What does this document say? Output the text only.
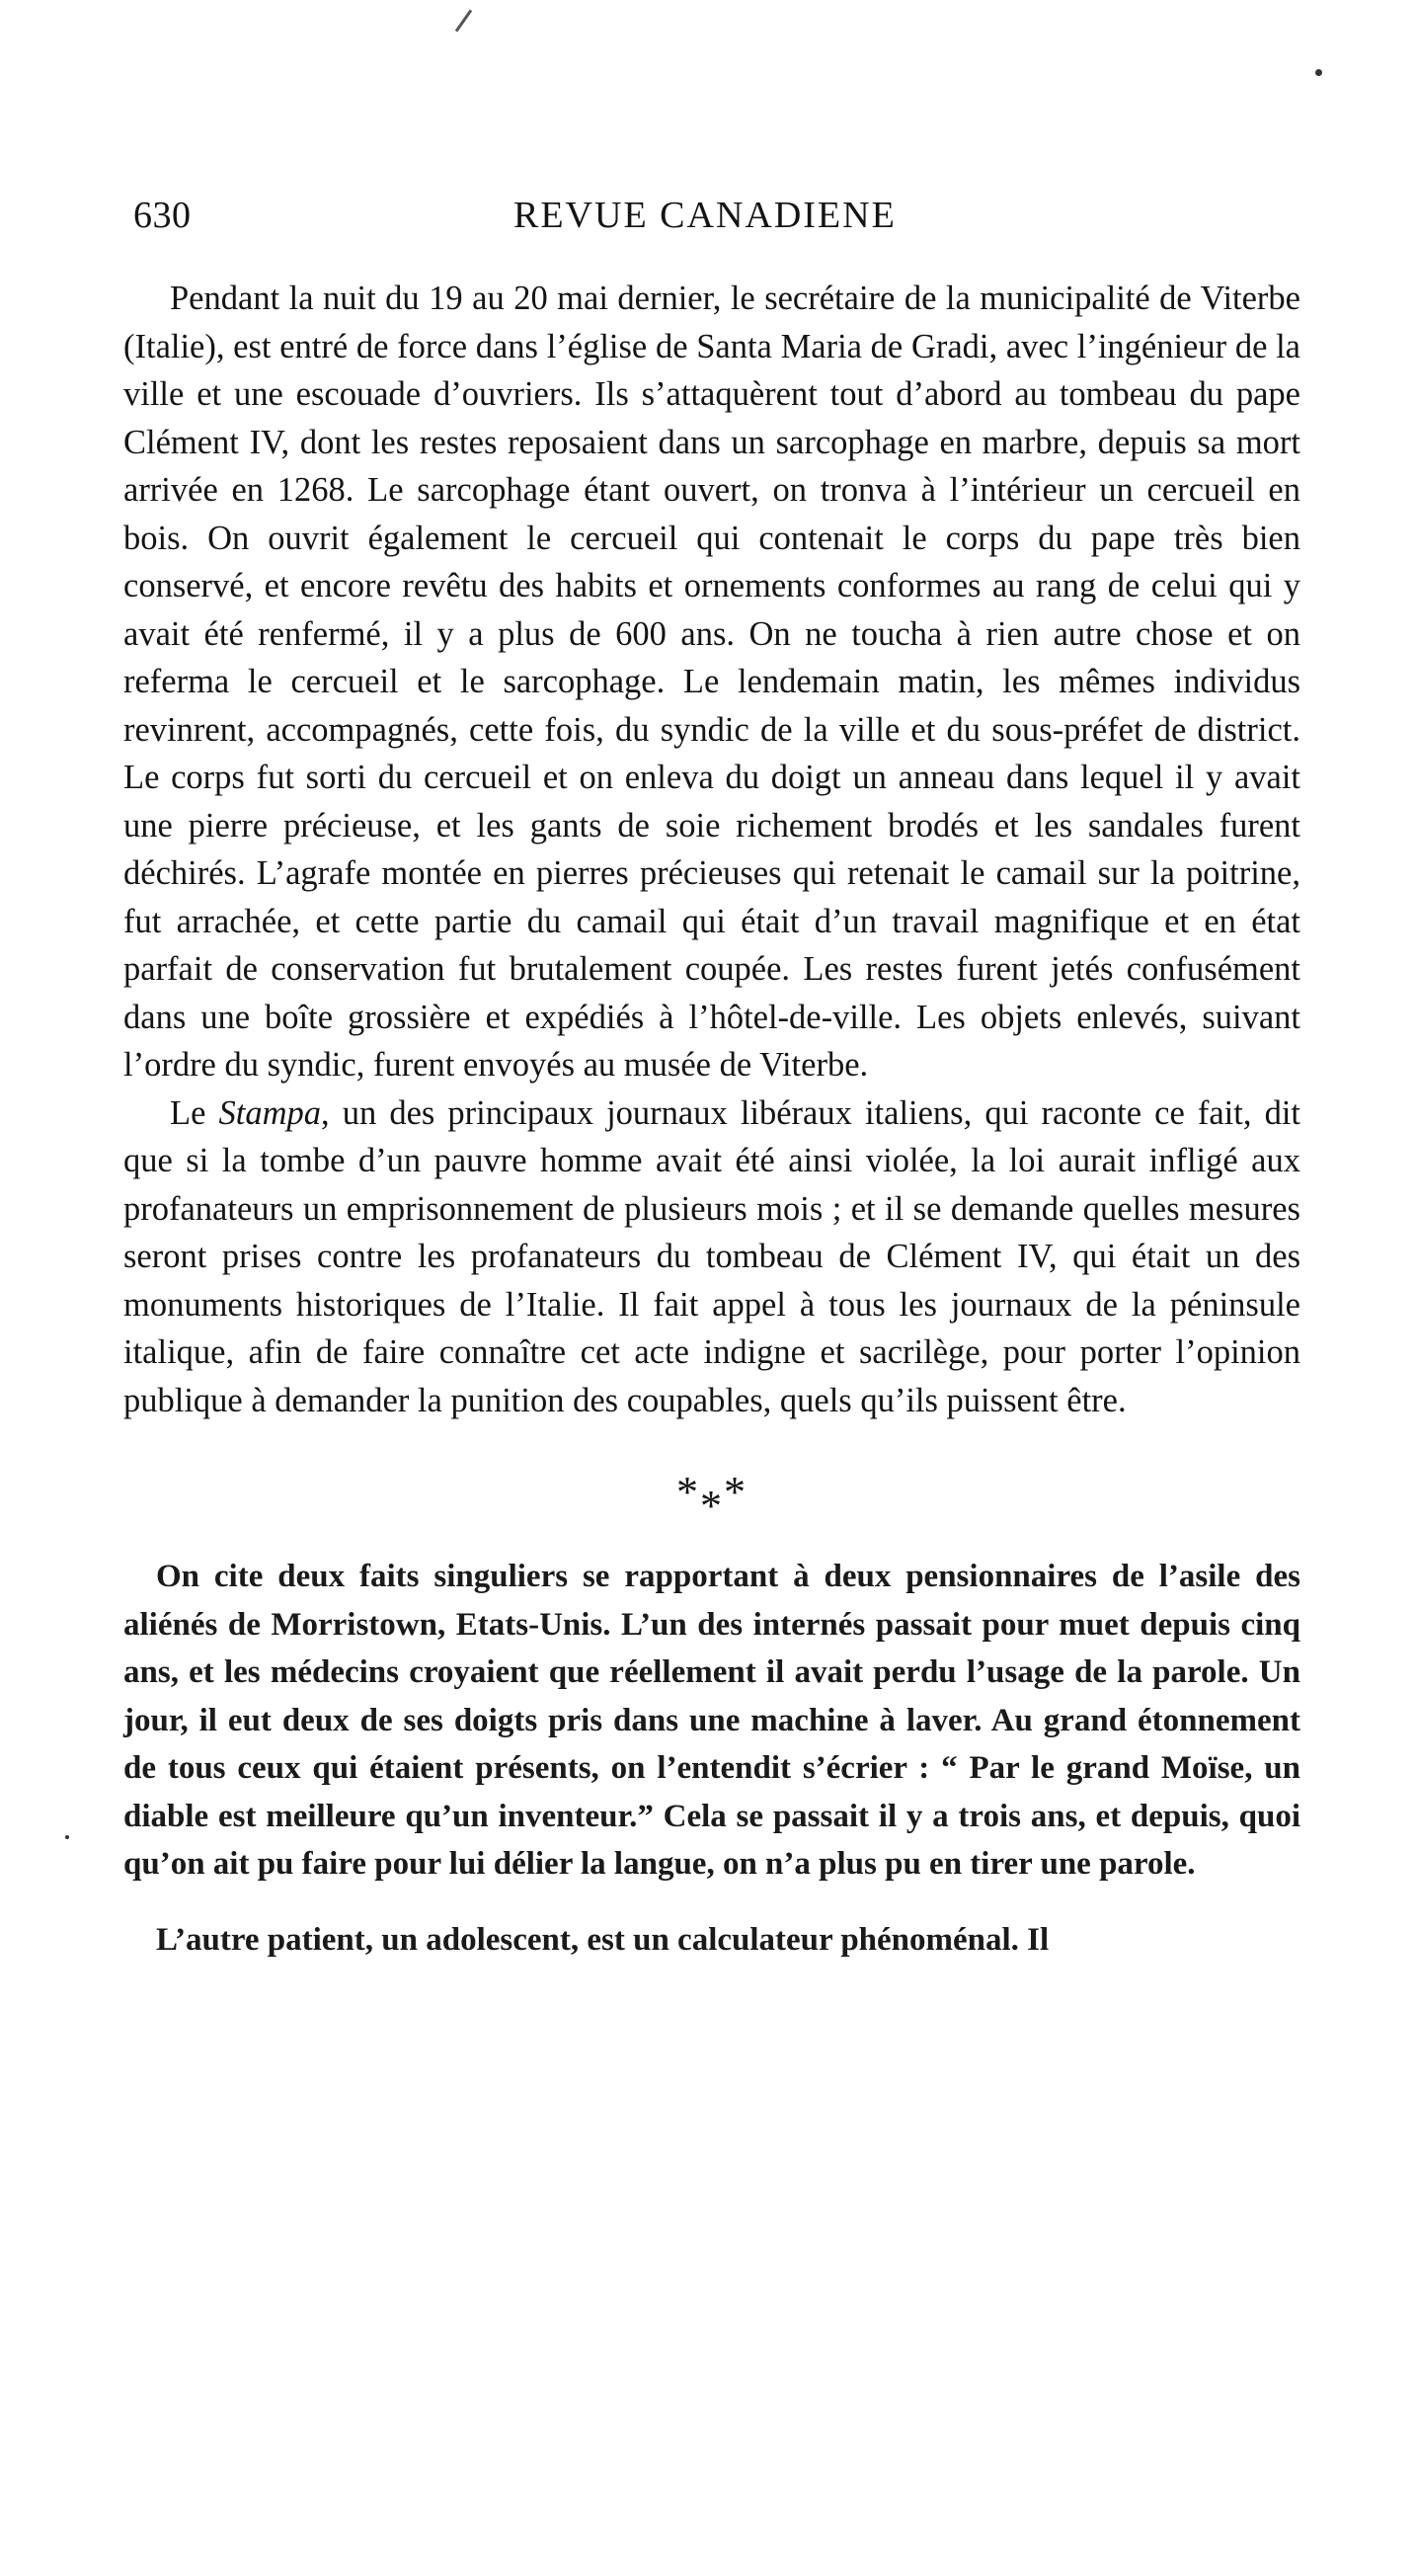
630	REVUE CANADIENE

Pendant la nuit du 19 au 20 mai dernier, le secrétaire de la municipalité de Viterbe (Italie), est entré de force dans l’église de Santa Maria de Gradi, avec l’ingénieur de la ville et une escouade d’ouvriers. Ils s’attaquèrent tout d’abord au tombeau du pape Clément IV, dont les restes reposaient dans un sarcophage en marbre, depuis sa mort arrivée en 1268. Le sarcophage étant ouvert, on tronva à l’intérieur un cercueil en bois. On ouvrit également le cercueil qui contenait le corps du pape très bien conservé, et encore revêtu des habits et ornements conformes au rang de celui qui y avait été renfermé, il y a plus de 600 ans. On ne toucha à rien autre chose et on referma le cercueil et le sarcophage. Le lendemain matin, les mêmes individus revinrent, accompagnés, cette fois, du syndic de la ville et du sous-préfet de district. Le corps fut sorti du cercueil et on enleva du doigt un anneau dans lequel il y avait une pierre précieuse, et les gants de soie richement brodés et les sandales furent déchirés. L’agrafe montée en pierres précieuses qui retenait le camail sur la poitrine, fut arrachée, et cette partie du camail qui était d’un travail magnifique et en état parfait de conservation fut brutalement coupée. Les restes furent jetés confusément dans une boîte grossière et expédiés à l’hôtel-de-ville. Les objets enlevés, suivant l’ordre du syndic, furent envoyés au musée de Viterbe.

Le Stampa, un des principaux journaux libéraux italiens, qui raconte ce fait, dit que si la tombe d’un pauvre homme avait été ainsi violée, la loi aurait infligé aux profanateurs un emprisonnement de plusieurs mois ; et il se demande quelles mesures seront prises contre les profanateurs du tombeau de Clément IV, qui était un des monuments historiques de l’Italie. Il fait appel à tous les journaux de la péninsule italique, afin de faire connaître cet acte indigne et sacrilège, pour porter l’opinion publique à demander la punition des coupables, quels qu’ils puissent être.

***

On cite deux faits singuliers se rapportant à deux pensionnaires de l’asile des aliénés de Morristown, Etats-Unis. L’un des internés passait pour muet depuis cinq ans, et les médecins croyaient que réellement il avait perdu l’usage de la parole. Un jour, il eut deux de ses doigts pris dans une machine à laver. Au grand étonnement de tous ceux qui étaient présents, on l’entendit s’écrier : “ Par le grand Moïse, un diable est meilleure qu’un inventeur.” Cela se passait il y a trois ans, et depuis, quoi qu’on ait pu faire pour lui délier la langue, on n’a plus pu en tirer une parole.

L’autre patient, un adolescent, est un calculateur phénoménal. Il
